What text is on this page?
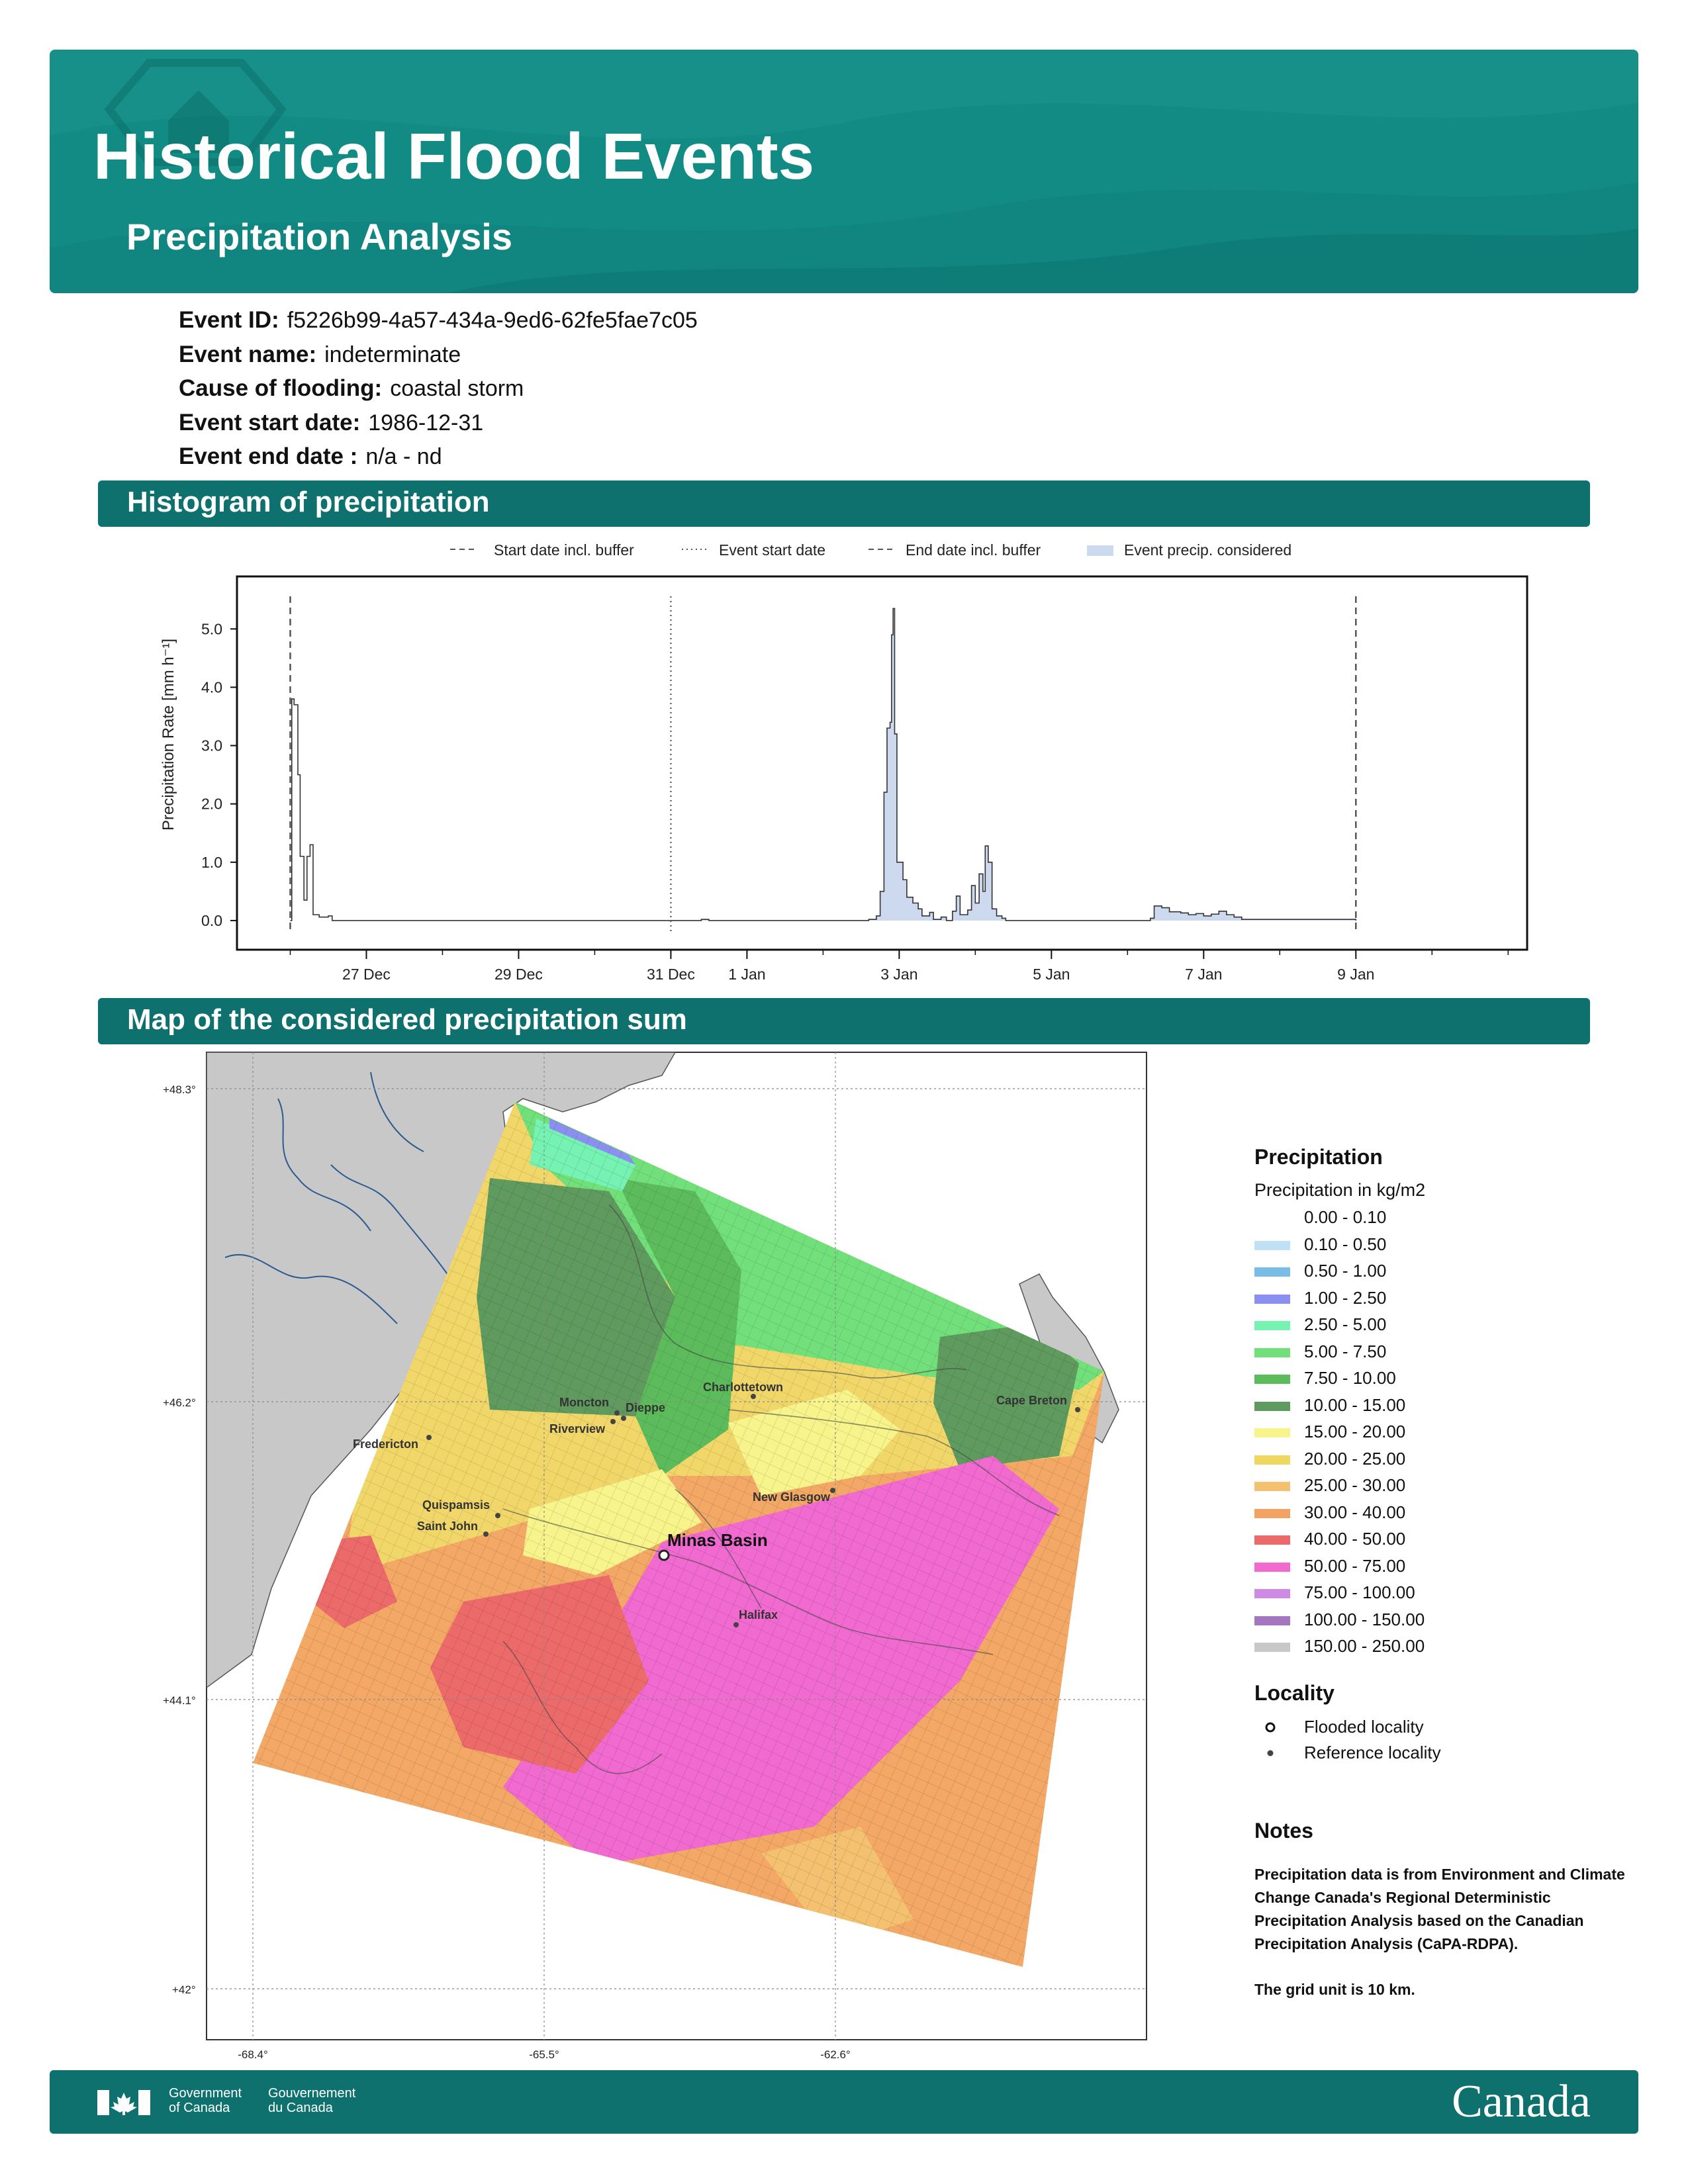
Historical Flood Events
Precipitation Analysis
Event ID: f5226b99-4a57-434a-9ed6-62fe5fae7c05
Event name: indeterminate
Cause of flooding: coastal storm
Event start date: 1986-12-31
Event end date : n/a - nd
Histogram of precipitation
Start date incl. buffer	Event start date	End date incl. buffer	Event precip. considered
Precipitation Rate [mm h⁻¹]
0.0
1.0
2.0
3.0
4.0
5.0
27 Dec	29 Dec	31 Dec 1 Jan	3 Jan	5 Jan	7 Jan	9 Jan
Map of the considered precipitation sum
+48.3°
+46.2°
+44.1°
+42°
-68.4°	-65.5°	-62.6°
Moncton Dieppe
Riverview
Charlottetown
Cape Breton
Fredericton
Quispamsis
Saint John
New Glasgow
Halifax
Minas Basin
Precipitation
Precipitation in kg/m2
0.00 - 0.10
0.10 - 0.50
0.50 - 1.00
1.00 - 2.50
2.50 - 5.00
5.00 - 7.50
7.50 - 10.00
10.00 - 15.00
15.00 - 20.00
20.00 - 25.00
25.00 - 30.00
30.00 - 40.00
40.00 - 50.00
50.00 - 75.00
75.00 - 100.00
100.00 - 150.00
150.00 - 250.00
Locality
Flooded locality
Reference locality
Notes
Precipitation data is from Environment and Climate Change Canada's Regional Deterministic Precipitation Analysis based on the Canadian Precipitation Analysis (CaPA-RDPA).
The grid unit is 10 km.
Government
of Canada
Gouvernement
du Canada	Canada
